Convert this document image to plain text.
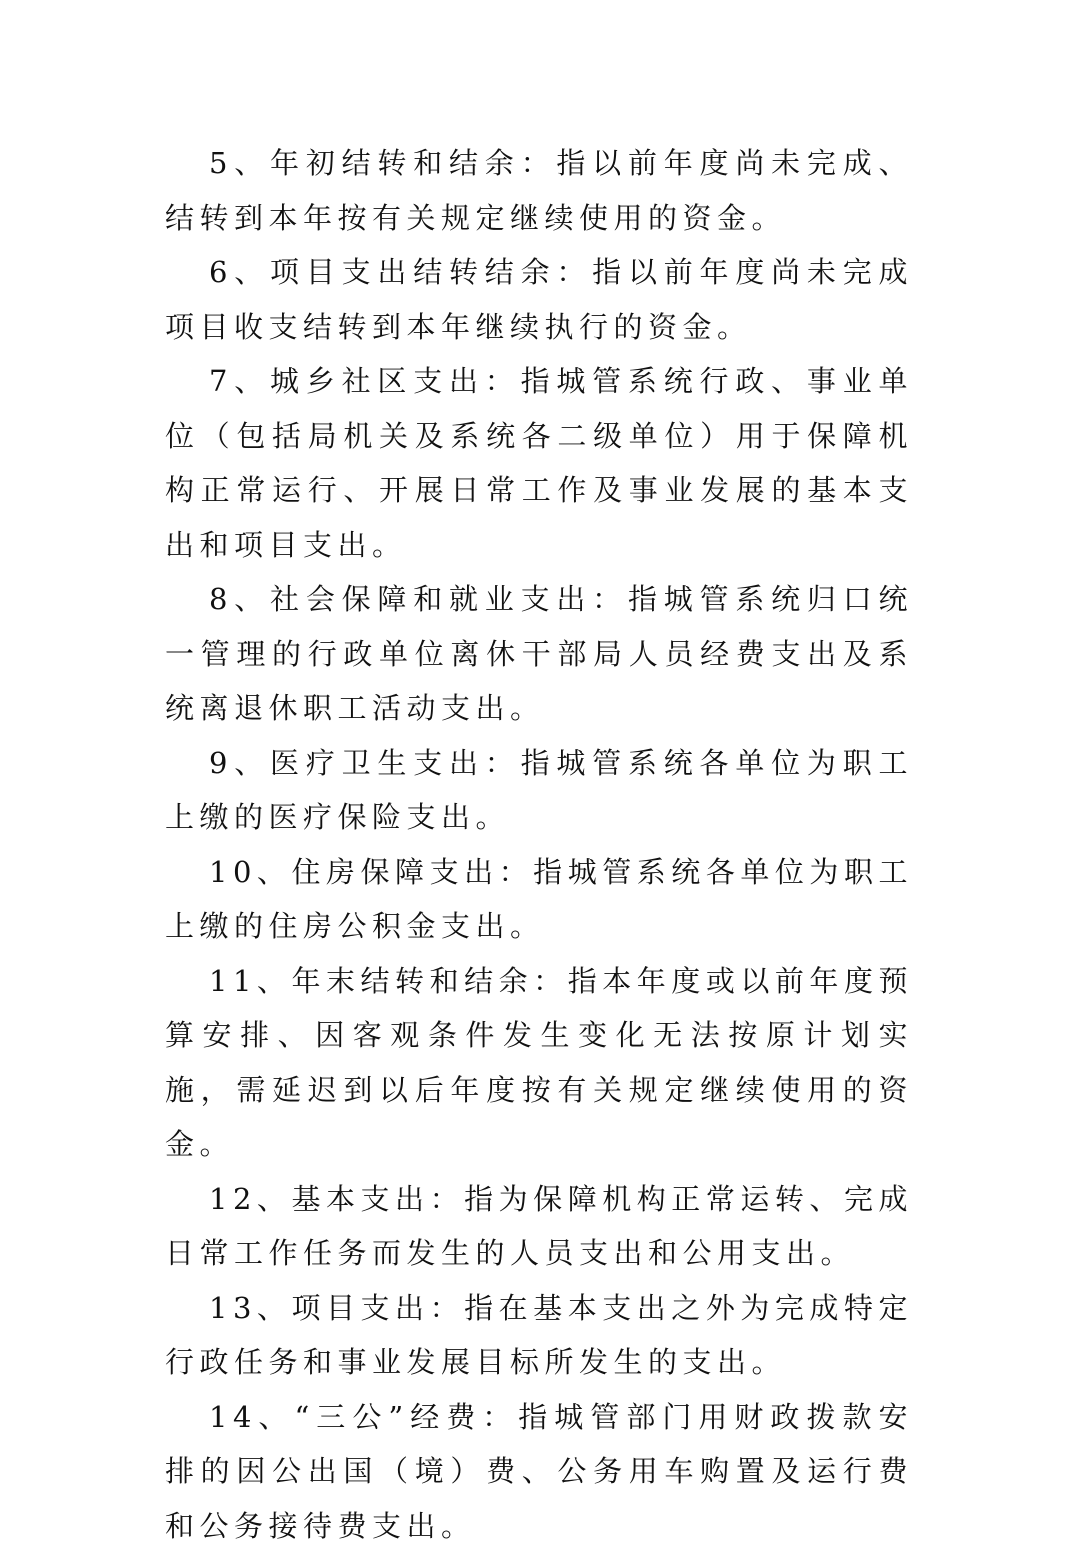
5、年初结转和结余：指以前年度尚未完成、结转到本年按有关规定继续使用的资金。

6、项目支出结转结余：指以前年度尚未完成项目收支结转到本年继续执行的资金。

7、城乡社区支出：指城管系统行政、事业单位（包括局机关及系统各二级单位）用于保障机构正常运行、开展日常工作及事业发展的基本支出和项目支出。

8、社会保障和就业支出：指城管系统归口统一管理的行政单位离休干部局人员经费支出及系统离退休职工活动支出。

9、医疗卫生支出：指城管系统各单位为职工上缴的医疗保险支出。

10、住房保障支出：指城管系统各单位为职工上缴的住房公积金支出。

11、年末结转和结余：指本年度或以前年度预算安排、因客观条件发生变化无法按原计划实施，需延迟到以后年度按有关规定继续使用的资金。

12、基本支出：指为保障机构正常运转、完成日常工作任务而发生的人员支出和公用支出。

13、项目支出：指在基本支出之外为完成特定行政任务和事业发展目标所发生的支出。

14、“三公”经费：指城管部门用财政拨款安排的因公出国（境）费、公务用车购置及运行费和公务接待费支出。
